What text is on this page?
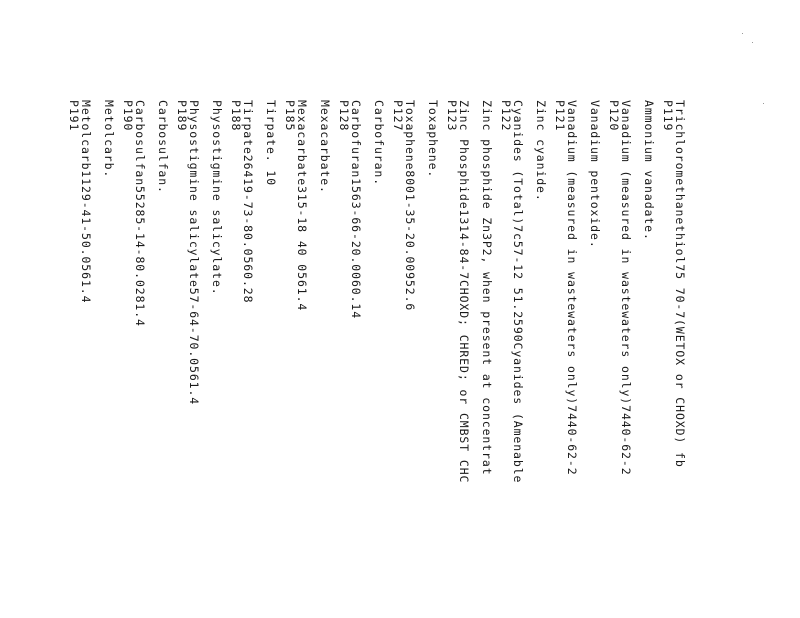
Trichloromethanethiol75 70-7(WETOX or CHOXD) fb
P119
Ammonium vanadate.
Vanadium (measured in wastewaters only)7440-62-2
P120
Vanadium pentoxide.
Vanadium (measured in wastewaters only)7440-62-2
P121
Zinc cyanide.
Cyanides (Total)7c57-12 51.2590Cyanides (Amenable
P122
Zinc phosphide Zn3P2, when present at concentrat
Zinc Phosphide1314-84-7CHOXD; CHRED; or CMBST CHC
P123
Toxaphene.
Toxaphene8001-35-20.00952.6
P127
Carbofuran.
Carbofuran1563-66-20.0060.14
P128
Mexacarbate.
Mexacarbate315-18 40 0561.4
P185
Tirpate. 10
Tirpate26419-73-80.0560.28
P188
Physostigmine salicylate.
Physostigmine salicylate57-64-70.0561.4
P189
Carbosulfan.
Carbosulfan55285-14-80.0281.4
P190
Metolcarb.
Metolcarb1129-41-50.0561.4
P191
